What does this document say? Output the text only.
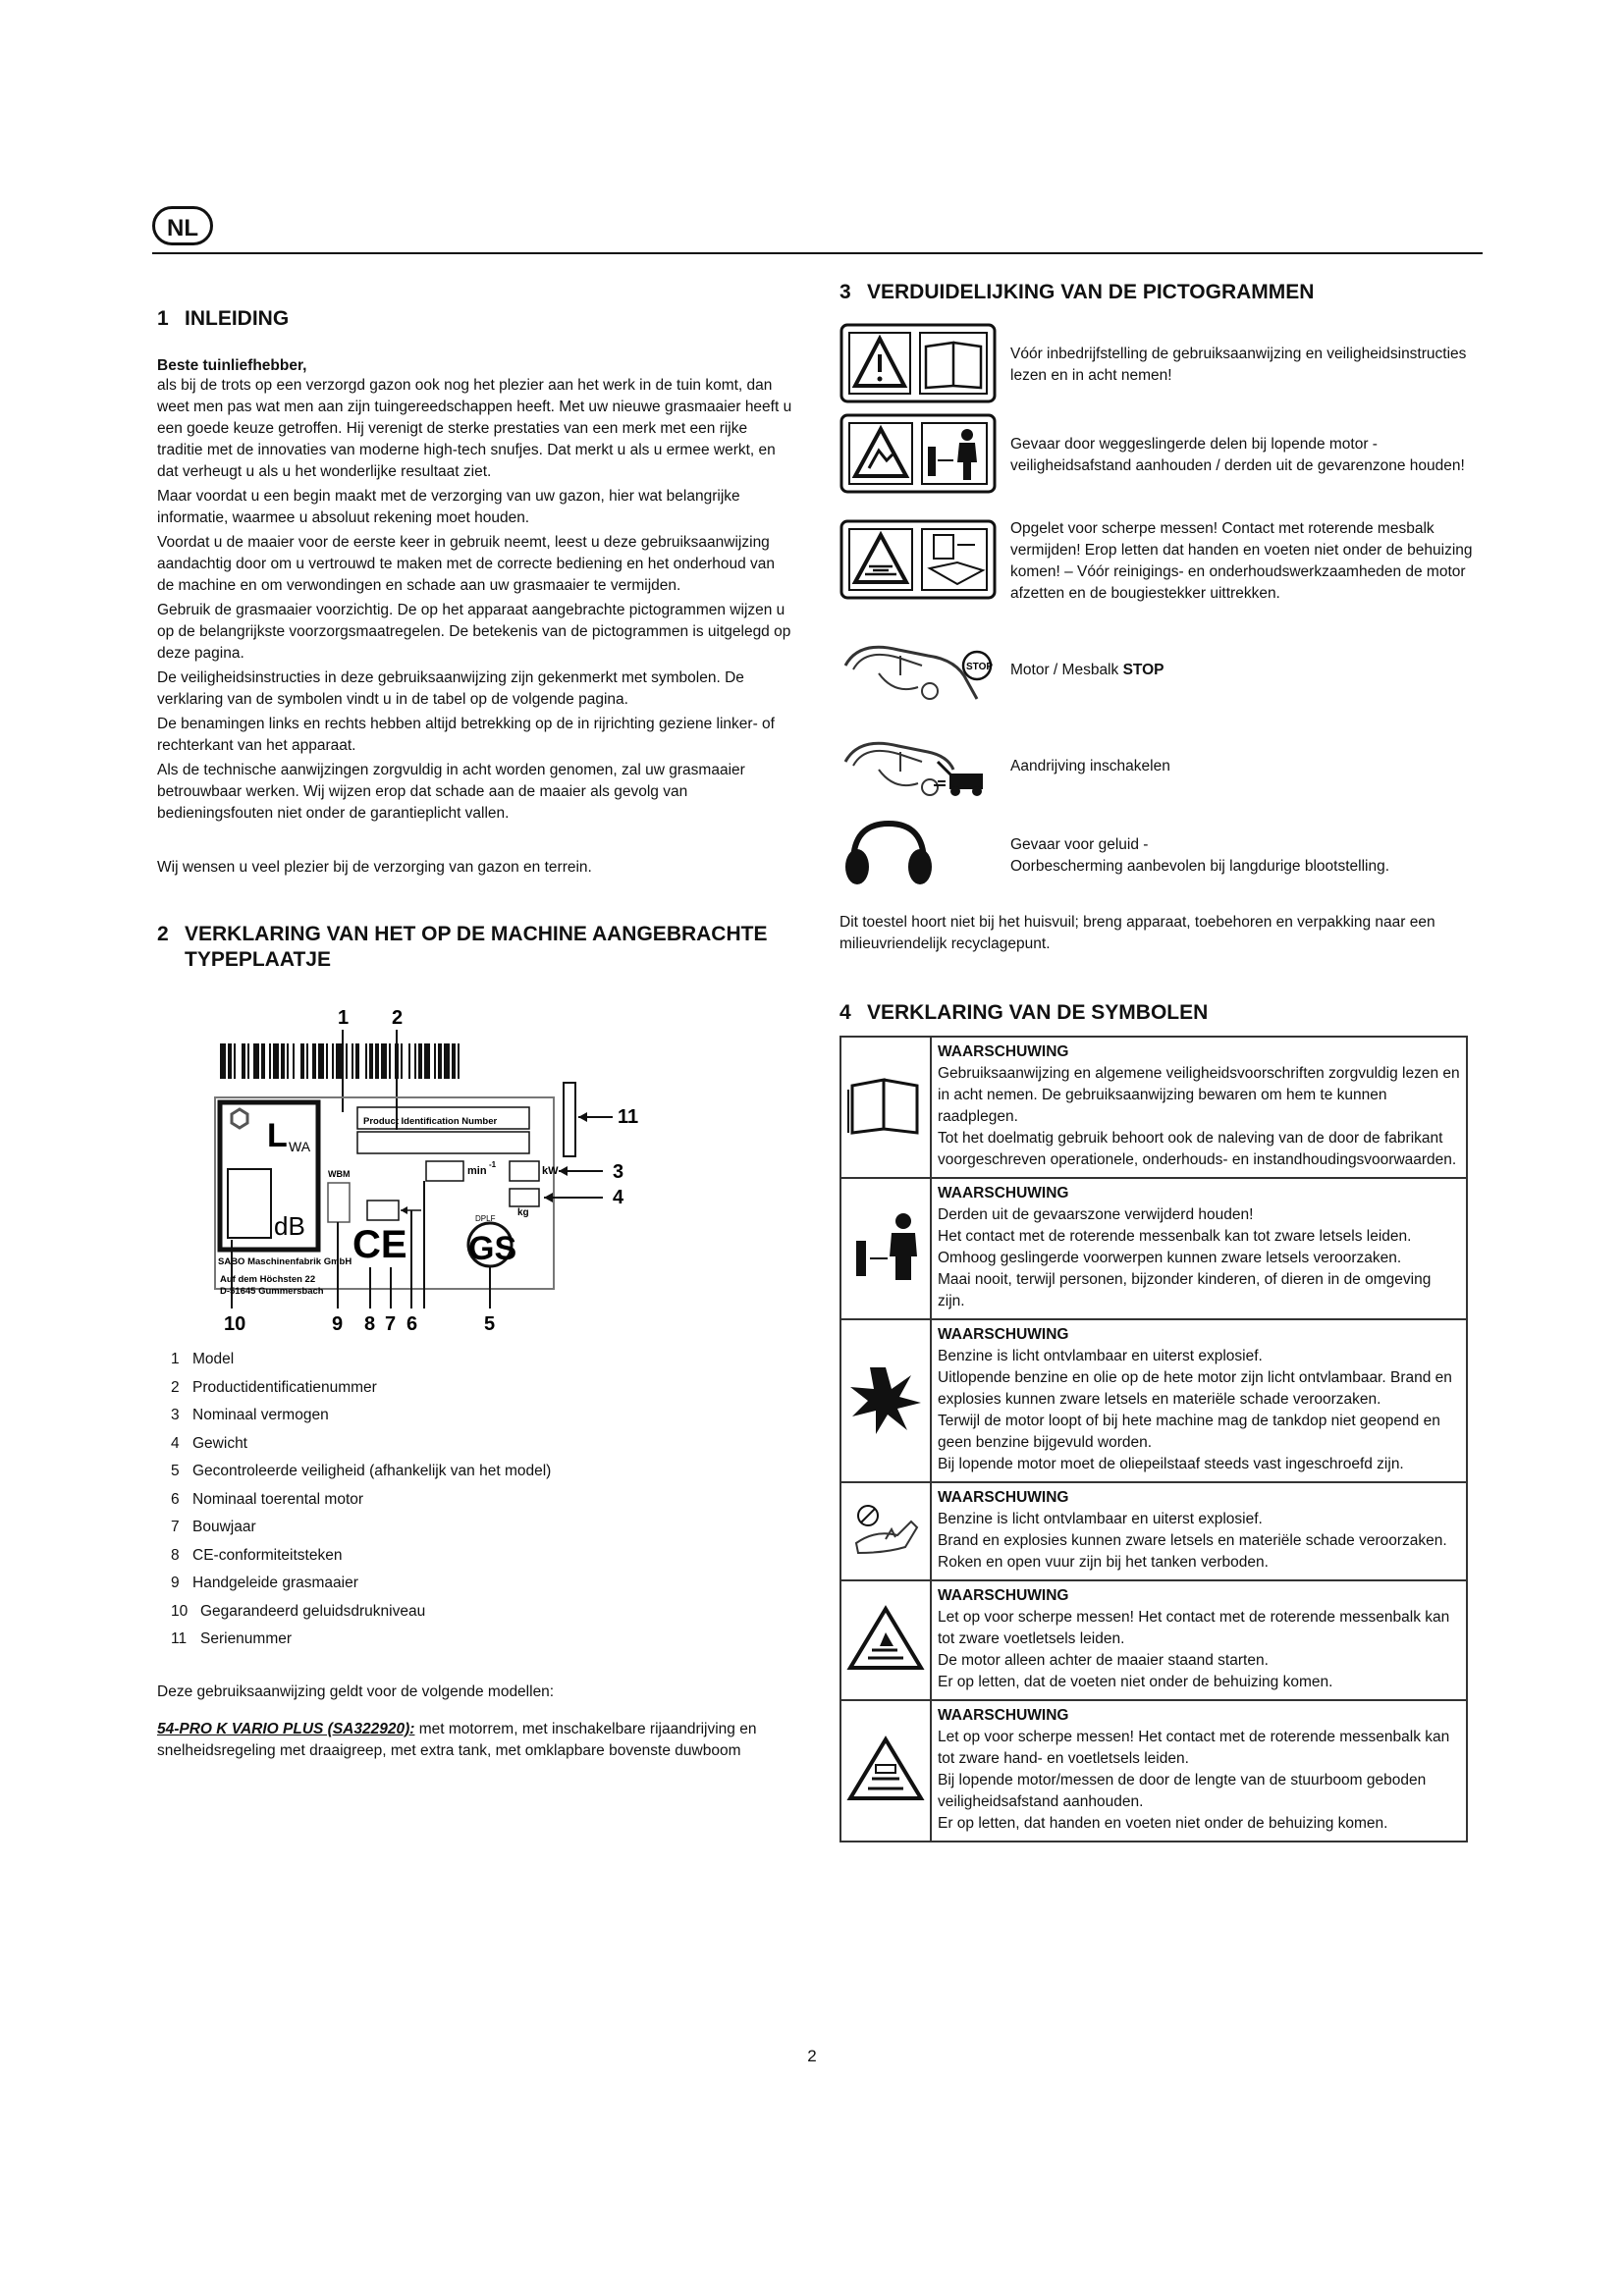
NL
1 INLEIDING
Beste tuinliefhebber,

als bij de trots op een verzorgd gazon ook nog het plezier aan het werk in de tuin komt, dan weet men pas wat men aan zijn tuingereedschappen heeft. Met uw nieuwe grasmaaier heeft u een goede keuze getroffen. Hij verenigt de sterke prestaties van een merk met een rijke traditie met de innovaties van moderne high-tech snufjes. Dat merkt u als u ermee werkt, en dat verheugt u als u het wonderlijke resultaat ziet.

Maar voordat u een begin maakt met de verzorging van uw gazon, hier wat belangrijke informatie, waarmee u absoluut rekening moet houden.

Voordat u de maaier voor de eerste keer in gebruik neemt, leest u deze gebruiksaanwijzing aandachtig door om u vertrouwd te maken met de correcte bediening en het onderhoud van de machine en om verwondingen en schade aan uw grasmaaier te vermijden.

Gebruik de grasmaaier voorzichtig. De op het apparaat aangebrachte pictogrammen wijzen u op de belangrijkste voorzorgsmaatregelen. De betekenis van de pictogrammen is uitgelegd op deze pagina.

De veiligheidsinstructies in deze gebruiksaanwijzing zijn gekenmerkt met symbolen. De verklaring van de symbolen vindt u in de tabel op de volgende pagina.

De benamingen links en rechts hebben altijd betrekking op de in rijrichting geziene linker- of rechterkant van het apparaat.

Als de technische aanwijzingen zorgvuldig in acht worden genomen, zal uw grasmaaier betrouwbaar werken. Wij wijzen erop dat schade aan de maaier als gevolg van bedieningsfouten niet onder de garantieplicht vallen.

Wij wensen u veel plezier bij de verzorging van gazon en terrein.

2 VERKLARING VAN HET OP DE MACHINE AANGEBRACHTE
TYPEPLAATJE
1 2
L WA
dB
Product Identification Number	11
min
-1
kW	3
kg
4
WBM
CE GS
DPLF
SABO Maschinenfabrik GmbH
Auf dem Höchsten 22
D-51645 Gummersbach
10	9 8 7 6	5
1 Model
2 Productidentificatienummer
3 Nominaal vermogen
4 Gewicht
5 Gecontroleerde veiligheid (afhankelijk van het model)
6 Nominaal toerental motor
7 Bouwjaar
8 CE-conformiteitsteken
9 Handgeleide grasmaaier
10 Gegarandeerd geluidsdrukniveau
11 Serienummer

Deze gebruiksaanwijzing geldt voor de volgende modellen:

54-PRO K VARIO PLUS (SA322920): met motorrem, met inschakelbare rijaandrijving en snelheidsregeling met draaigreep, met extra tank, met omklapbare bovenste duwboom
3 VERDUIDELIJKING VAN DE PICTOGRAMMEN
Vóór inbedrijfstelling de gebruiksaanwijzing en veiligheidsinstructies lezen en in acht nemen!
Gevaar door weggeslingerde delen bij lopende motor - veiligheidsafstand aanhouden / derden uit de gevarenzone houden!
Opgelet voor scherpe messen! Contact met roterende mesbalk vermijden! Erop letten dat handen en voeten niet onder de behuizing komen! – Vóór reinigings- en onderhoudswerkzaamheden de motor afzetten en de bougiestekker uittrekken.
STOP Motor / Mesbalk STOP
Aandrijving inschakelen
Gevaar voor geluid -
Oorbescherming aanbevolen bij langdurige blootstelling.

Dit toestel hoort niet bij het huisvuil; breng apparaat, toebehoren en verpakking naar een milieuvriendelijk recyclagepunt.

4 VERKLARING VAN DE SYMBOLEN

WAARSCHUWING
Gebruiksaanwijzing en algemene veiligheidsvoorschriften zorgvuldig lezen en in acht nemen. De gebruiksaanwijzing bewaren om hem te kunnen raadplegen.
Tot het doelmatig gebruik behoort ook de naleving van de door de fabrikant voorgeschreven operationele, onderhouds- en instandhoudingsvoorwaarden.

WAARSCHUWING
Derden uit de gevaarszone verwijderd houden!
Het contact met de roterende messenbalk kan tot zware letsels leiden.
Omhoog geslingerde voorwerpen kunnen zware letsels veroorzaken.
Maai nooit, terwijl personen, bijzonder kinderen, of dieren in de omgeving zijn.

WAARSCHUWING
Benzine is licht ontvlambaar en uiterst explosief.
Uitlopende benzine en olie op de hete motor zijn licht ontvlambaar. Brand en explosies kunnen zware letsels en materiële schade veroorzaken.
Terwijl de motor loopt of bij hete machine mag de tankdop niet geopend en geen benzine bijgevuld worden.
Bij lopende motor moet de oliepeilstaaf steeds vast ingeschroefd zijn.

WAARSCHUWING
Benzine is licht ontvlambaar en uiterst explosief.
Brand en explosies kunnen zware letsels en materiële schade veroorzaken.
Roken en open vuur zijn bij het tanken verboden.

WAARSCHUWING
Let op voor scherpe messen! Het contact met de roterende messenbalk kan tot zware voetletsels leiden.
De motor alleen achter de maaier staand starten.
Er op letten, dat de voeten niet onder de behuizing komen.

WAARSCHUWING
Let op voor scherpe messen! Het contact met de roterende messenbalk kan tot zware hand- en voetletsels leiden.
Bij lopende motor/messen de door de lengte van de stuurboom geboden veiligheidsafstand aanhouden.
Er op letten, dat handen en voeten niet onder de behuizing komen.
2
